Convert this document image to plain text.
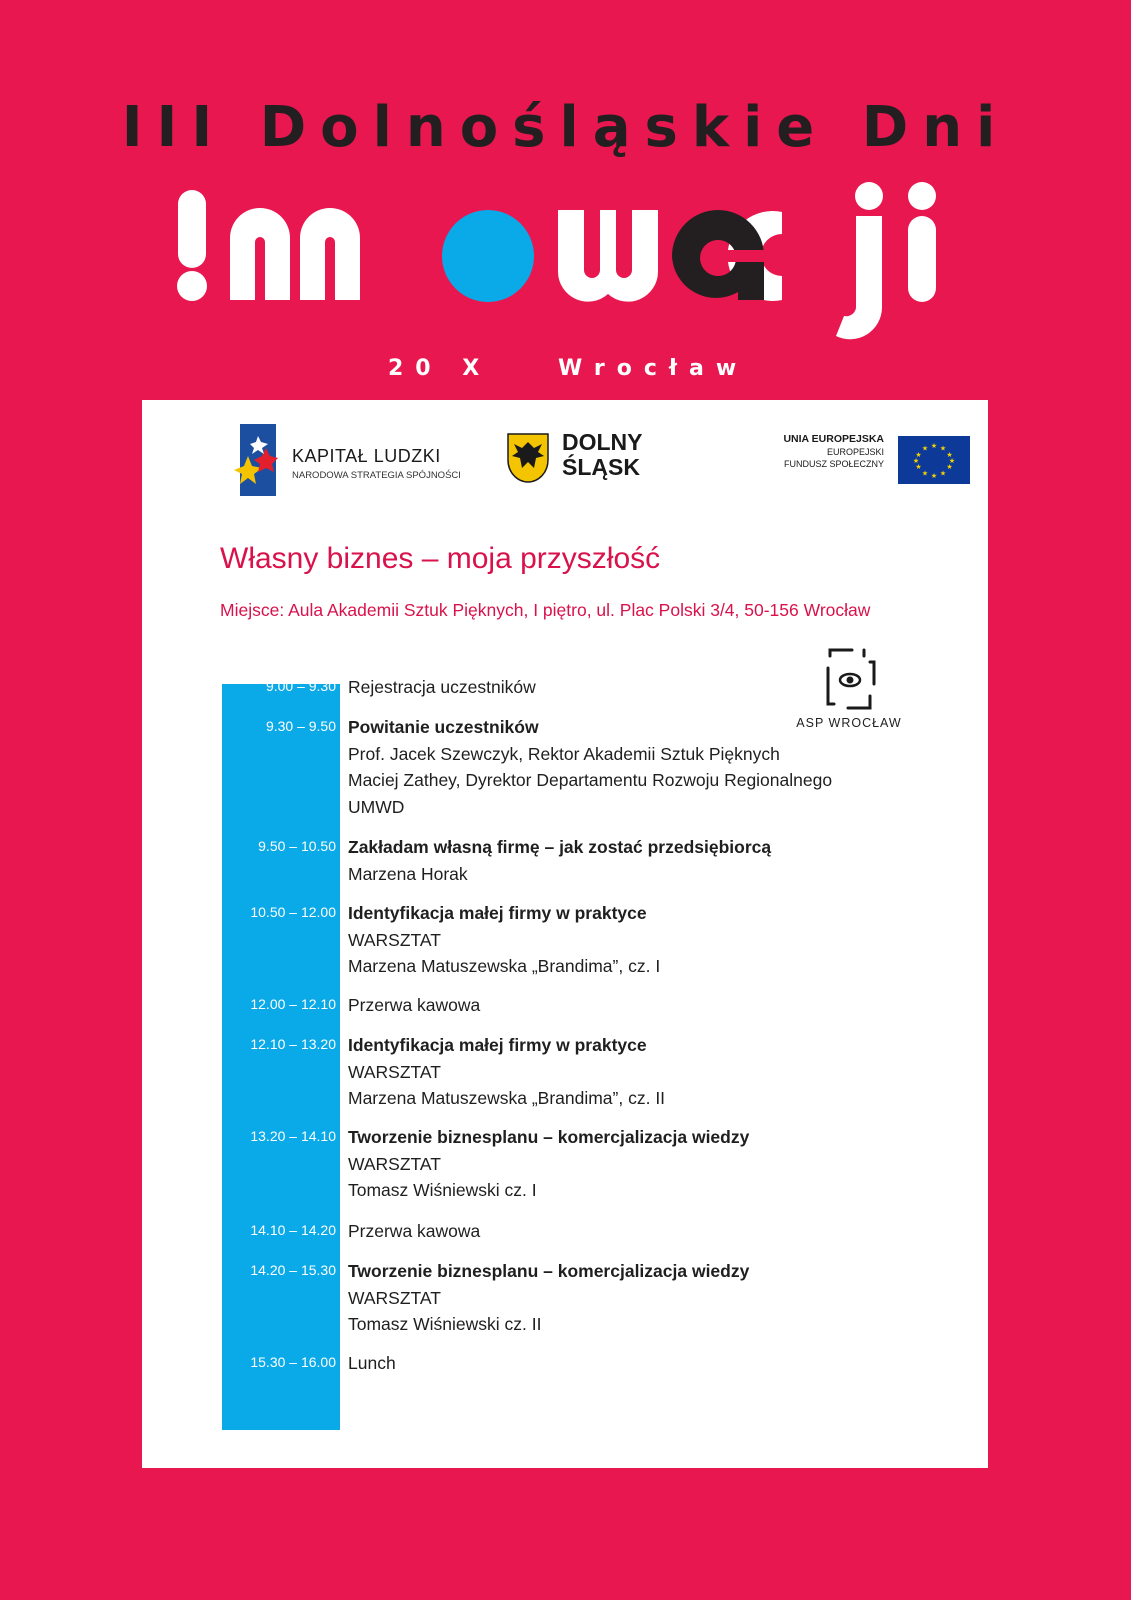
III Dolnośląskie Dni
20 X	Wrocław
KAPITAŁ LUDZKI
NARODOWA STRATEGIA SPÓJNOŚCI
DOLNY
ŚLĄSK
UNIA EUROPEJSKA
EUROPEJSKI
FUNDUSZ SPOŁECZNY
★ ★
★
★
★
★
★
★
★
★
★
★
Własny biznes – moja przyszłość
Miejsce: Aula Akademii Sztuk Pięknych, I piętro, ul. Plac Polski 3/4, 50-156 Wrocław
ASP WROCŁAW
9.00 – 9.30 Rejestracja uczestników
9.30 – 9.50 Powitanie uczestników
Prof. Jacek Szewczyk, Rektor Akademii Sztuk Pięknych
Maciej Zathey, Dyrektor Departamentu Rozwoju Regionalnego
UMWD
9.50 – 10.50 Zakładam własną firmę – jak zostać przedsiębiorcą
Marzena Horak
10.50 – 12.00 Identyfikacja małej firmy w praktyce
WARSZTAT
Marzena Matuszewska „Brandima”, cz. I
12.00 – 12.10 Przerwa kawowa
12.10 – 13.20 Identyfikacja małej firmy w praktyce
WARSZTAT
Marzena Matuszewska „Brandima”, cz. II
13.20 – 14.10 Tworzenie biznesplanu – komercjalizacja wiedzy
WARSZTAT
Tomasz Wiśniewski cz. I
14.10 – 14.20 Przerwa kawowa
14.20 – 15.30 Tworzenie biznesplanu – komercjalizacja wiedzy
WARSZTAT
Tomasz Wiśniewski cz. II
15.30 – 16.00 Lunch
